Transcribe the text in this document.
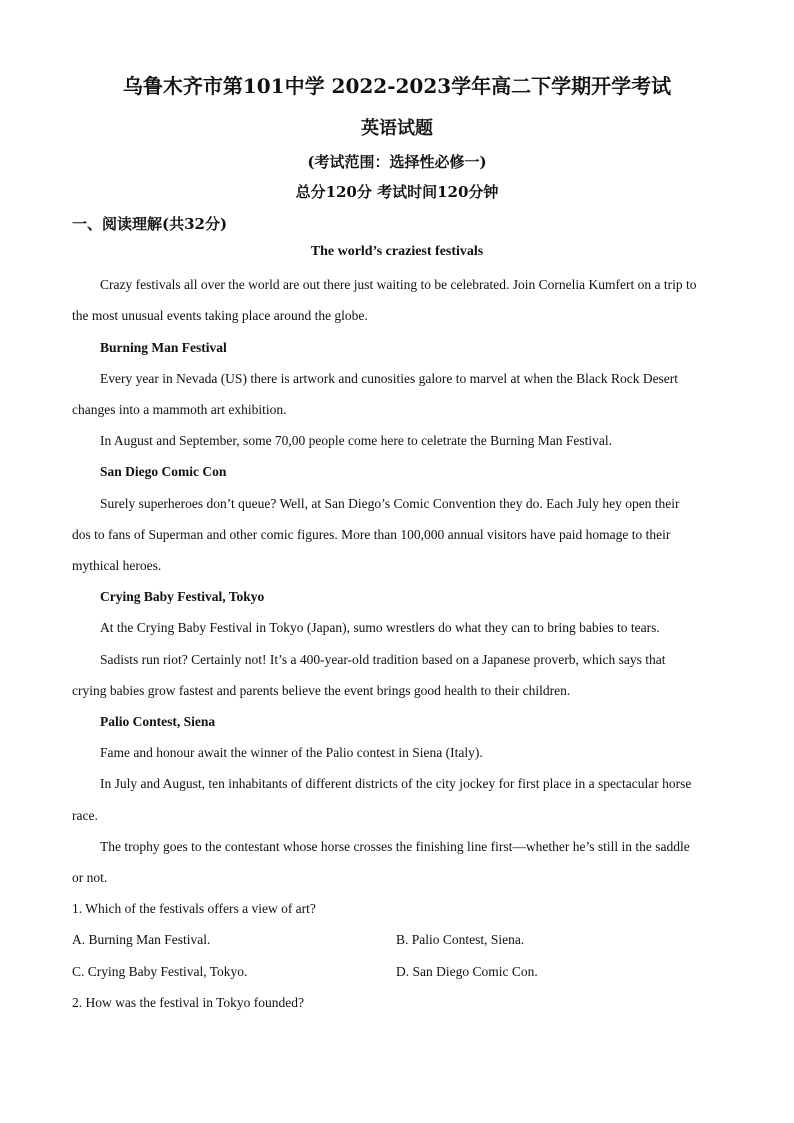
乌鲁木齐市第101中学 2022-2023学年高二下学期开学考试
英语试题
(考试范围：选择性必修一)
总分120分 考试时间120分钟
一、阅读理解(共32分)
The world’s craziest festivals
Crazy festivals all over the world are out there just waiting to be celebrated. Join Cornelia Kumfert on a trip to
the most unusual events taking place around the globe.
Burning Man Festival
Every year in Nevada (US) there is artwork and cunosities galore to marvel at when the Black Rock Desert
changes into a mammoth art exhibition.
In August and September, some 70,00 people come here to celetrate the Burning Man Festival.
San Diego Comic Con
Surely superheroes don’t queue? Well, at San Diego’s Comic Convention they do. Each July hey open their
dos to fans of Superman and other comic figures. More than 100,000 annual visitors have paid homage to their
mythical heroes.
Crying Baby Festival, Tokyo
At the Crying Baby Festival in Tokyo (Japan), sumo wrestlers do what they can to bring babies to tears.
Sadists run riot? Certainly not! It’s a 400-year-old tradition based on a Japanese proverb, which says that
crying babies grow fastest and parents believe the event brings good health to their children.
Palio Contest, Siena
Fame and honour await the winner of the Palio contest in Siena (Italy).
In July and August, ten inhabitants of different districts of the city jockey for first place in a spectacular horse
race.
The trophy goes to the contestant whose horse crosses the finishing line first—whether he’s still in the saddle
or not.
1. Which of the festivals offers a view of art?
A. Burning Man Festival.	B. Palio Contest, Siena.
C. Crying Baby Festival, Tokyo.	D. San Diego Comic Con.
2. How was the festival in Tokyo founded?
